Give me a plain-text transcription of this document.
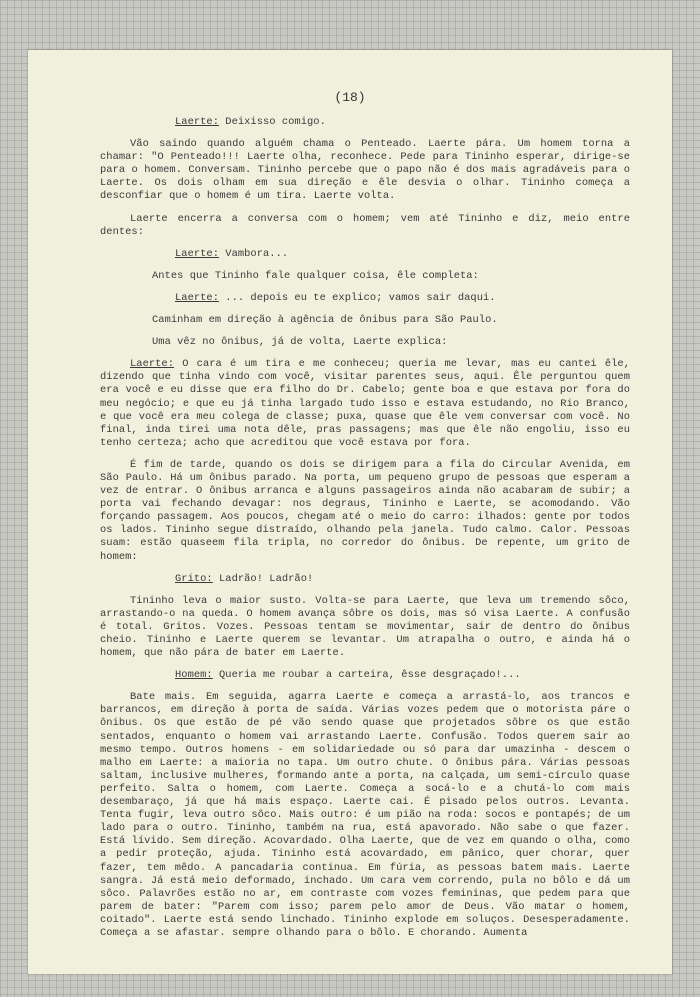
(18)

Laerte: Deixisso comigo.

Vão saindo quando alguém chama o Penteado. Laerte pára. Um homem torna a chamar: "O Penteado!!! Laerte olha, reconhece. Pede para Tininho esperar, dirige-se para o homem. Conversam. Tininho percebe que o papo não é dos mais agradáveis para o Laerte. Os dois olham em sua direção e êle desvia o olhar. Tininho começa a desconfiar que o homem é um tira. Laerte volta.

Laerte encerra a conversa com o homem; vem até Tininho e diz, meio entre dentes:

Laerte: Vambora...

Antes que Tininho fale qualquer coisa, êle completa:

Laerte: ... depois eu te explico; vamos sair daqui.

Caminham em direção à agência de ônibus para São Paulo.

Uma vêz no ônibus, já de volta, Laerte explica:

Laerte: O cara é um tira e me conheceu; queria me levar, mas eu cantei êle, dizendo que tinha vindo com você, visitar parentes seus, aqui. Êle perguntou quem era você e eu disse que era filho do Dr. Cabelo; gente boa e que estava por fora do meu negócio; e que eu já tinha largado tudo isso e estava estudando, no Rio Branco, e que você era meu colega de classe; puxa, quase que êle vem conversar com você. No final, inda tirei uma nota dêle, pras passagens; mas que êle não engoliu, isso eu tenho certeza; acho que acreditou que você estava por fora.

É fim de tarde, quando os dois se dirigem para a fila do Circular Avenida, em São Paulo. Há um ônibus parado. Na porta, um pequeno grupo de pessoas que esperam a vez de entrar. O ônibus arranca e alguns passageiros ainda não acabaram de subir; a porta vai fechando devagar: nos degraus, Tininho e Laerte, se acomodando. Vão forçando passagem. Aos poucos, chegam até o meio do carro: ilhados: gente por todos os lados. Tininho segue distraído, olhando pela janela. Tudo calmo. Calor. Pessoas suam: estão quaseem fila tripla, no corredor do ônibus. De repente, um grito de homem:

Grito: Ladrão! Ladrão!

Tininho leva o maior susto. Volta-se para Laerte, que leva um tremendo sôco, arrastando-o na queda. O homem avança sôbre os dois, mas só visa Laerte. A confusão é total. Gritos. Vozes. Pessoas tentam se movimentar, sair de dentro do ônibus cheio. Tininho e Laerte querem se levantar. Um atrapalha o outro, e ainda há o homem, que não pára de bater em Laerte.

Homem: Queria me roubar a carteira, êsse desgraçado!...

Bate mais. Em seguida, agarra Laerte e começa a arrastá-lo, aos trancos e barrancos, em direção à porta de saída. Várias vozes pedem que o motorista páre o ônibus. Os que estão de pé vão sendo quase que projetados sôbre os que estão sentados, enquanto o homem vai arrastando Laerte. Confusão. Todos querem sair ao mesmo tempo. Outros homens - em solidariedade ou só para dar umazinha - descem o malho em Laerte: a maioria no tapa. Um outro chute. O ônibus pára. Várias pessoas saltam, inclusive mulheres, formando ante a porta, na calçada, um semi-círculo quase perfeito. Salta o homem, com Laerte. Começa a socá-lo e a chutá-lo com mais desembaraço, já que há mais espaço. Laerte cai. É pisado pelos outros. Levanta. Tenta fugir, leva outro sôco. Mais outro: é um pião na roda: socos e pontapés; de um lado para o outro. Tininho, também na rua, está apavorado. Não sabe o que fazer. Está lívido. Sem direção. Acovardado. Olha Laerte, que de vez em quando o olha, como a pedir proteção, ajuda. Tininho está acovardado, em pânico, quer chorar, quer fazer, tem mêdo. A pancadaria continua. Em fúria, as pessoas batem mais. Laerte sangra. Já está meio deformado, inchado. Um cara vem correndo, pula no bôlo e dá um sôco. Palavrões estão no ar, em contraste com vozes femininas, que pedem para que parem de bater: "Parem com isso; parem pelo amor de Deus. Vão matar o homem, coitado". Laerte está sendo linchado. Tininho explode em soluços. Desesperadamente. Começa a se afastar. sempre olhando para o bôlo. E chorando. Aumenta
